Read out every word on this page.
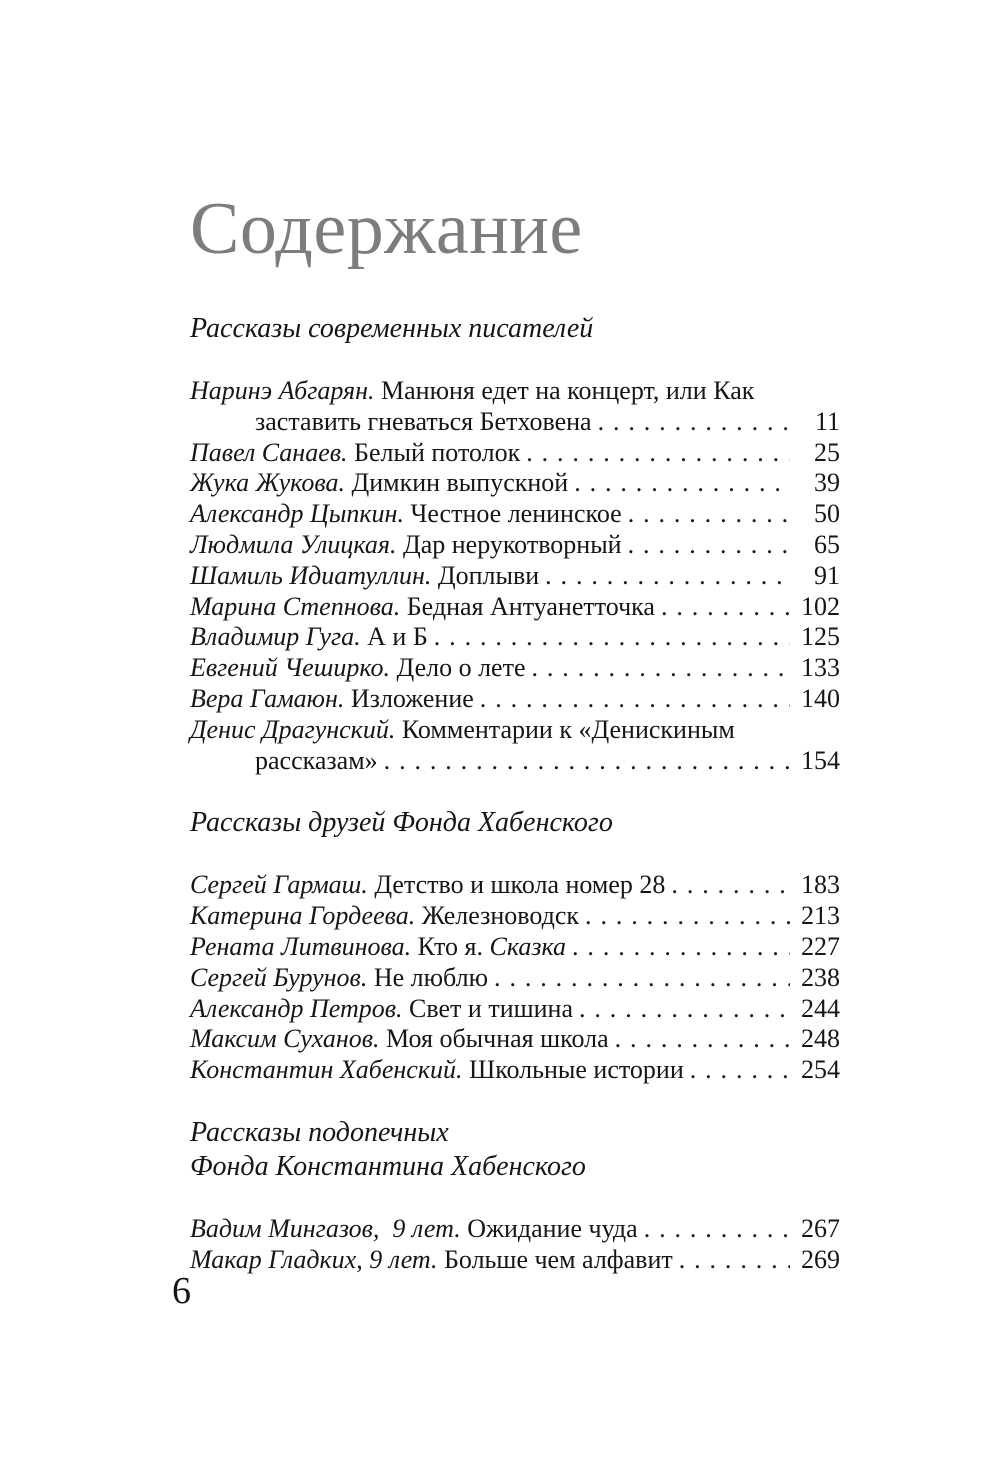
Содержание
Рассказы современных писателей
Наринэ Абгарян. Манюня едет на концерт, или Как
заставить гневаться Бетховена . . .	11
Павел Санаев. Белый потолок . . .	25
Жука Жукова. Димкин выпускной . . .	39
Александр Цыпкин. Честное ленинское . . .	50
Людмила Улицкая. Дар нерукотворный . . .	65
Шамиль Идиатуллин. Доплыви . . .	91
Марина Степнова. Бедная Антуанетточка . . .	102
Владимир Гуга. А и Б . . .	125
Евгений Чеширко. Дело о лете . . .	133
Вера Гамаюн. Изложение . . .	140
Денис Драгунский. Комментарии к «Денискиным
рассказам» . . .	154
Рассказы друзей Фонда Хабенского
Сергей Гармаш. Детство и школа номер 28 . . .	183
Катерина Гордеева. Железноводск . . .	213
Рената Литвинова. Кто я. Сказка . . .	227
Сергей Бурунов. Не люблю . . .	238
Александр Петров. Свет и тишина . . .	244
Максим Суханов. Моя обычная школа . . .	248
Константин Хабенский. Школьные истории . . .	254
Рассказы подопечных
Фонда Константина Хабенского
Вадим Мингазов,  9 лет. Ожидание чуда . . .	267
Макар Гладких, 9 лет. Больше чем алфавит . . .	269
6
